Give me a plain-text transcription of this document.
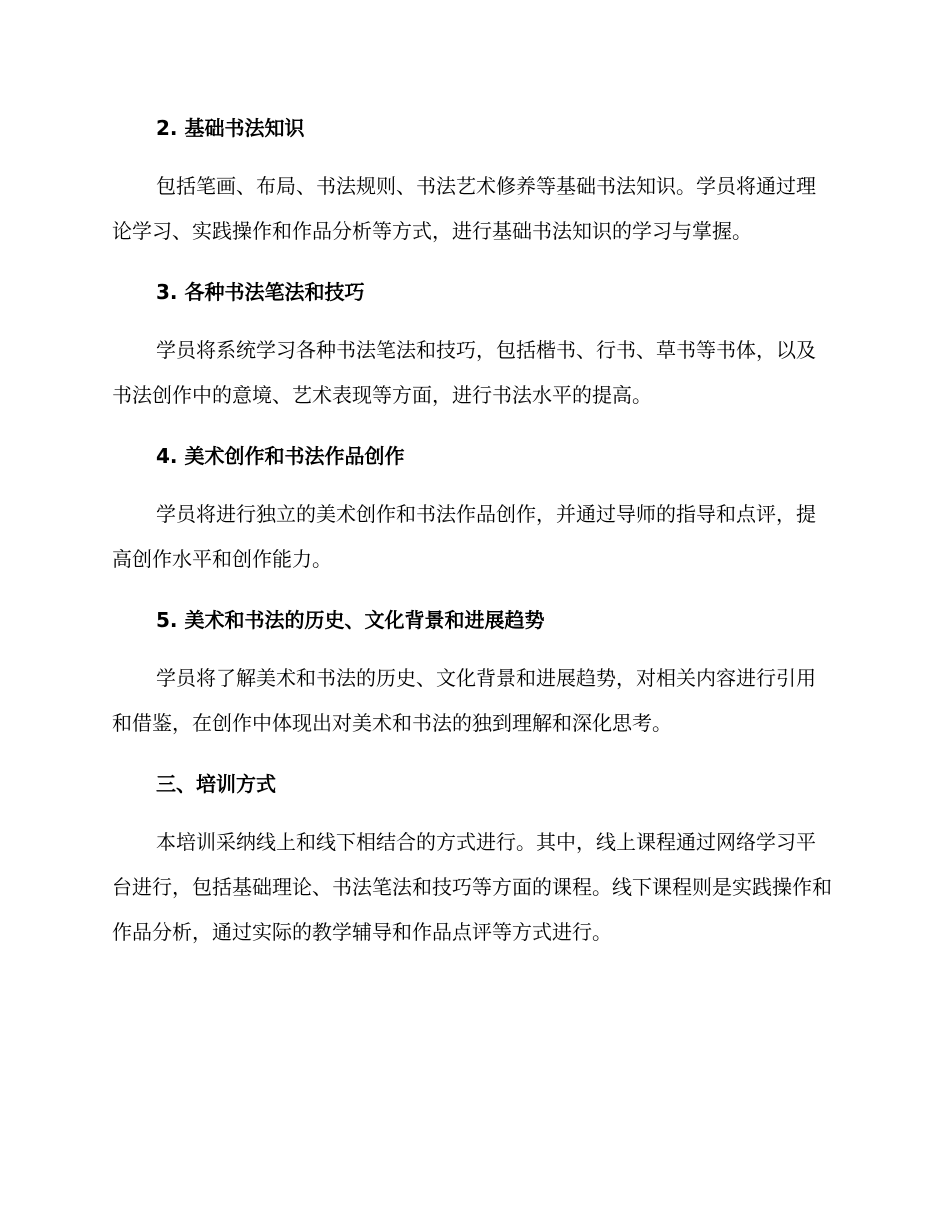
2. 基础书法知识

包括笔画、布局、书法规则、书法艺术修养等基础书法知识。学员将通过理论学习、实践操作和作品分析等方式，进行基础书法知识的学习与掌握。

3. 各种书法笔法和技巧

学员将系统学习各种书法笔法和技巧，包括楷书、行书、草书等书体，以及书法创作中的意境、艺术表现等方面，进行书法水平的提高。

4. 美术创作和书法作品创作

学员将进行独立的美术创作和书法作品创作，并通过导师的指导和点评，提高创作水平和创作能力。

5. 美术和书法的历史、文化背景和进展趋势

学员将了解美术和书法的历史、文化背景和进展趋势，对相关内容进行引用和借鉴，在创作中体现出对美术和书法的独到理解和深化思考。

三、培训方式

本培训采纳线上和线下相结合的方式进行。其中，线上课程通过网络学习平台进行，包括基础理论、书法笔法和技巧等方面的课程。线下课程则是实践操作和作品分析，通过实际的教学辅导和作品点评等方式进行。
